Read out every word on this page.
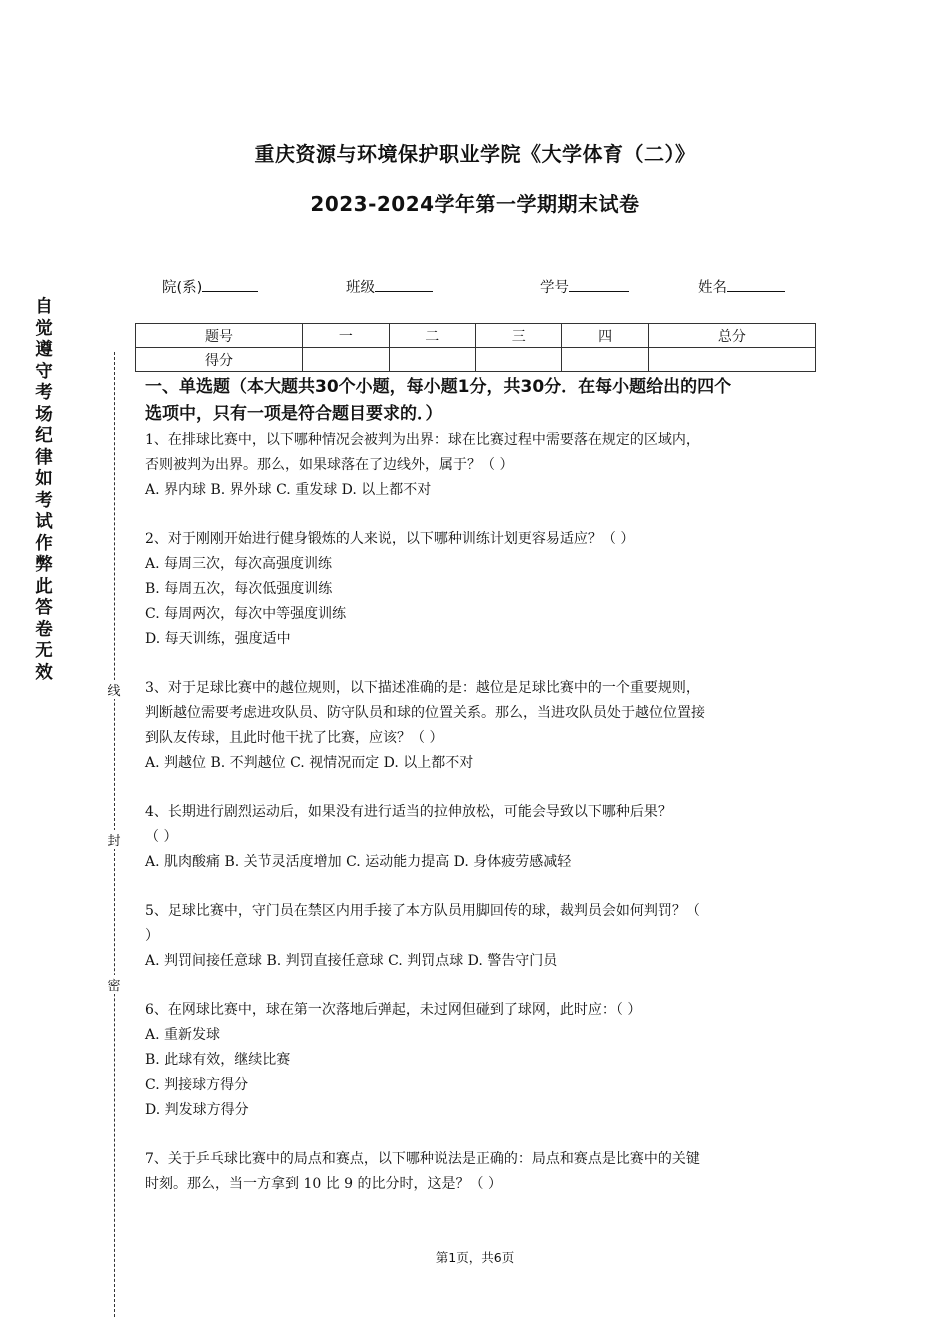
重庆资源与环境保护职业学院《大学体育（二）》
2023-2024学年第一学期期末试卷
院(系)	班级	学号	姓名
题号	一	二	三	四	总分
得分					
自
觉
遵
守
考
场
纪
律
如
考
试
作
弊
此
答
卷
无
效
线
封
密

一、单选题（本大题共30个小题，每小题1分，共30分．在每小题给出的四个

选项中，只有一项是符合题目要求的．）

1、在排球比赛中，以下哪种情况会被判为出界：球在比赛过程中需要落在规定的区域内，

否则被判为出界。那么，如果球落在了边线外，属于？（ ）

A. 界内球 B. 界外球 C. 重发球 D. 以上都不对

2、对于刚刚开始进行健身锻炼的人来说，以下哪种训练计划更容易适应？（ ）

A. 每周三次，每次高强度训练

B. 每周五次，每次低强度训练

C. 每周两次，每次中等强度训练

D. 每天训练，强度适中

3、对于足球比赛中的越位规则，以下描述准确的是：越位是足球比赛中的一个重要规则，

判断越位需要考虑进攻队员、防守队员和球的位置关系。那么，当进攻队员处于越位位置接

到队友传球，且此时他干扰了比赛，应该？（ ）

A. 判越位 B. 不判越位 C. 视情况而定 D. 以上都不对

4、长期进行剧烈运动后，如果没有进行适当的拉伸放松，可能会导致以下哪种后果？

（ ）

A. 肌肉酸痛 B. 关节灵活度增加 C. 运动能力提高 D. 身体疲劳感减轻

5、足球比赛中，守门员在禁区内用手接了本方队员用脚回传的球，裁判员会如何判罚？（

）

A. 判罚间接任意球 B. 判罚直接任意球 C. 判罚点球 D. 警告守门员

6、在网球比赛中，球在第一次落地后弹起，未过网但碰到了球网，此时应：（ ）

A. 重新发球

B. 此球有效，继续比赛

C. 判接球方得分

D. 判发球方得分

7、关于乒乓球比赛中的局点和赛点，以下哪种说法是正确的：局点和赛点是比赛中的关键

时刻。那么，当一方拿到 10 比 9 的比分时，这是？（ ）

第1页，共6页
